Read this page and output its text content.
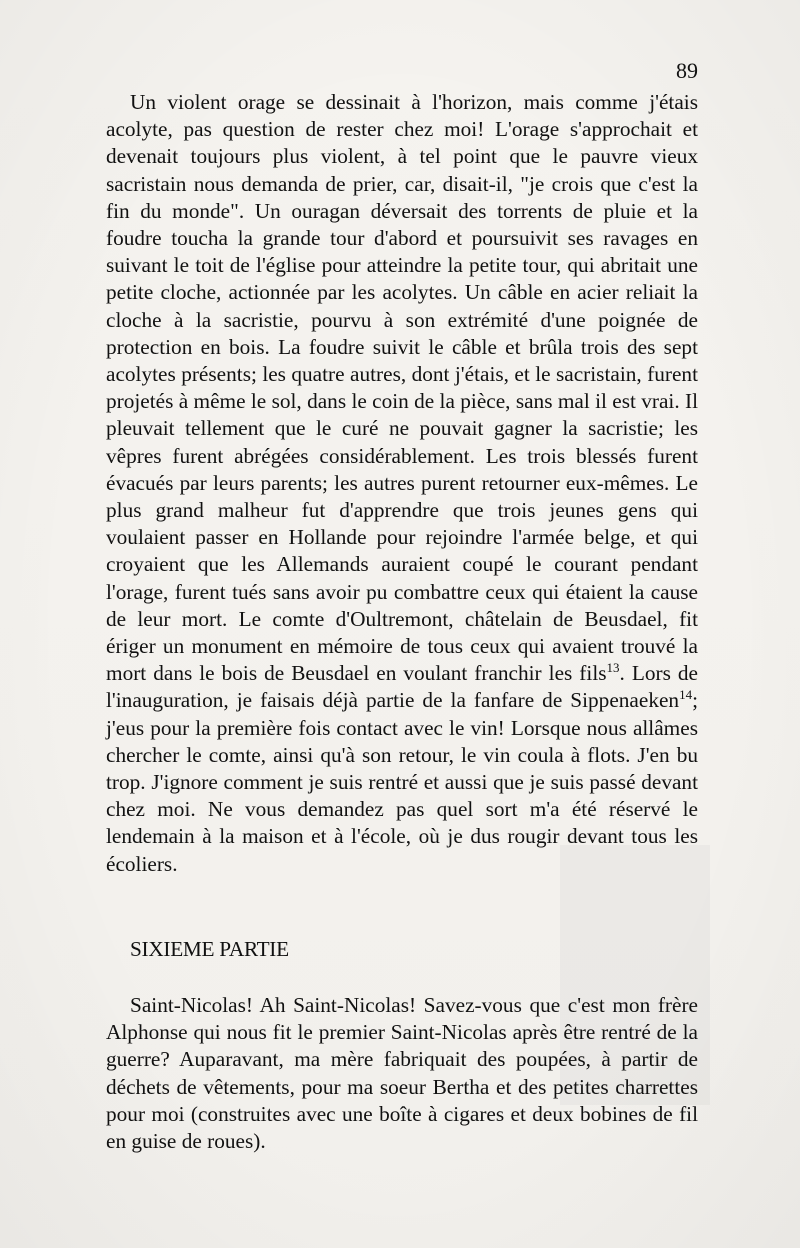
89

Un violent orage se dessinait à l'horizon, mais comme j'étais acolyte, pas question de rester chez moi! L'orage s'approchait et devenait toujours plus violent, à tel point que le pauvre vieux sacristain nous demanda de prier, car, disait-il, "je crois que c'est la fin du monde". Un ouragan déversait des torrents de pluie et la foudre toucha la grande tour d'abord et poursuivit ses ravages en suivant le toit de l'église pour atteindre la petite tour, qui abritait une petite cloche, actionnée par les acolytes. Un câble en acier reliait la cloche à la sacristie, pourvu à son extrémité d'une poignée de protection en bois. La foudre suivit le câble et brûla trois des sept acolytes présents; les quatre autres, dont j'étais, et le sacristain, furent projetés à même le sol, dans le coin de la pièce, sans mal il est vrai. Il pleuvait tellement que le curé ne pouvait gagner la sacristie; les vêpres furent abrégées considérablement. Les trois blessés furent évacués par leurs parents; les autres purent retourner eux-mêmes. Le plus grand malheur fut d'apprendre que trois jeunes gens qui voulaient passer en Hollande pour rejoindre l'armée belge, et qui croyaient que les Allemands auraient coupé le courant pendant l'orage, furent tués sans avoir pu combattre ceux qui étaient la cause de leur mort. Le comte d'Oultremont, châtelain de Beusdael, fit ériger un monument en mémoire de tous ceux qui avaient trouvé la mort dans le bois de Beusdael en voulant franchir les fils$^{13}$. Lors de l'inauguration, je faisais déjà partie de la fanfare de Sippenaeken$^{14}$; j'eus pour la première fois contact avec le vin! Lorsque nous allâmes chercher le comte, ainsi qu'à son retour, le vin coula à flots. J'en bu trop. J'ignore comment je suis rentré et aussi que je suis passé devant chez moi. Ne vous demandez pas quel sort m'a été réservé le lendemain à la maison et à l'école, où je dus rougir devant tous les écoliers.

SIXIEME PARTIE

Saint-Nicolas! Ah Saint-Nicolas! Savez-vous que c'est mon frère Alphonse qui nous fit le premier Saint-Nicolas après être rentré de la guerre? Auparavant, ma mère fabriquait des poupées, à partir de déchets de vêtements, pour ma soeur Bertha et des petites charrettes pour moi (construites avec une boîte à cigares et deux bobines de fil en guise de roues).
